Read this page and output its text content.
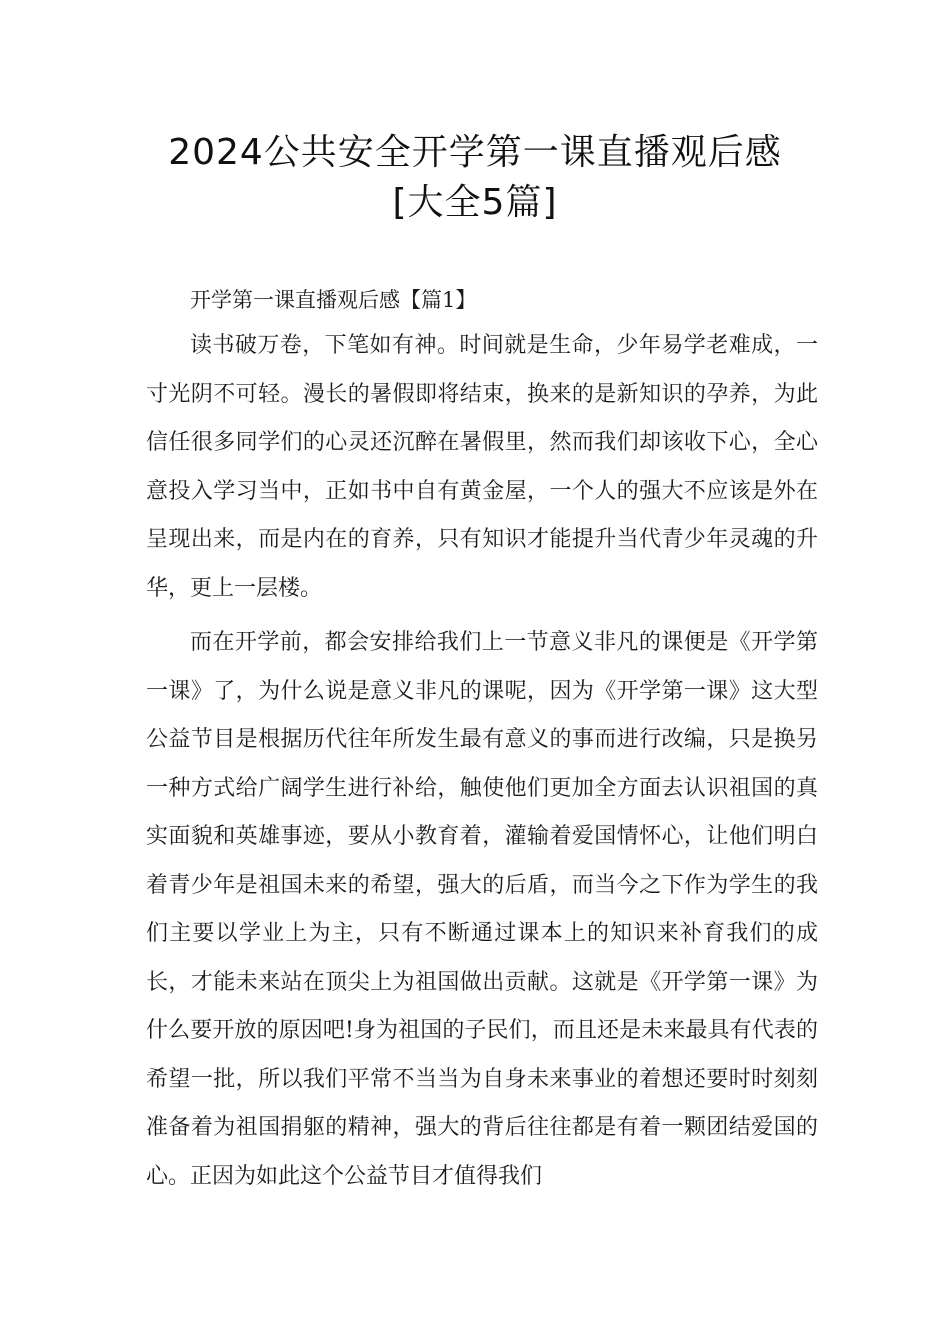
2024公共安全开学第一课直播观后感
[大全5篇]
开学第一课直播观后感【篇1】

读书破万卷，下笔如有神。时间就是生命，少年易学老难成，一寸光阴不可轻。漫长的暑假即将结束，换来的是新知识的孕养，为此信任很多同学们的心灵还沉醉在暑假里，然而我们却该收下心，全心意投入学习当中，正如书中自有黄金屋，一个人的强大不应该是外在呈现出来，而是内在的育养，只有知识才能提升当代青少年灵魂的升华，更上一层楼。

而在开学前，都会安排给我们上一节意义非凡的课便是《开学第一课》了，为什么说是意义非凡的课呢，因为《开学第一课》这大型公益节目是根据历代往年所发生最有意义的事而进行改编，只是换另一种方式给广阔学生进行补给，触使他们更加全方面去认识祖国的真实面貌和英雄事迹，要从小教育着，灌输着爱国情怀心，让他们明白着青少年是祖国未来的希望，强大的后盾，而当今之下作为学生的我们主要以学业上为主，只有不断通过课本上的知识来补育我们的成长，才能未来站在顶尖上为祖国做出贡献。这就是《开学第一课》为什么要开放的原因吧!身为祖国的子民们，而且还是未来最具有代表的希望一批，所以我们平常不当当为自身未来事业的着想还要时时刻刻准备着为祖国捐躯的精神，强大的背后往往都是有着一颗团结爱国的心。正因为如此这个公益节目才值得我们
